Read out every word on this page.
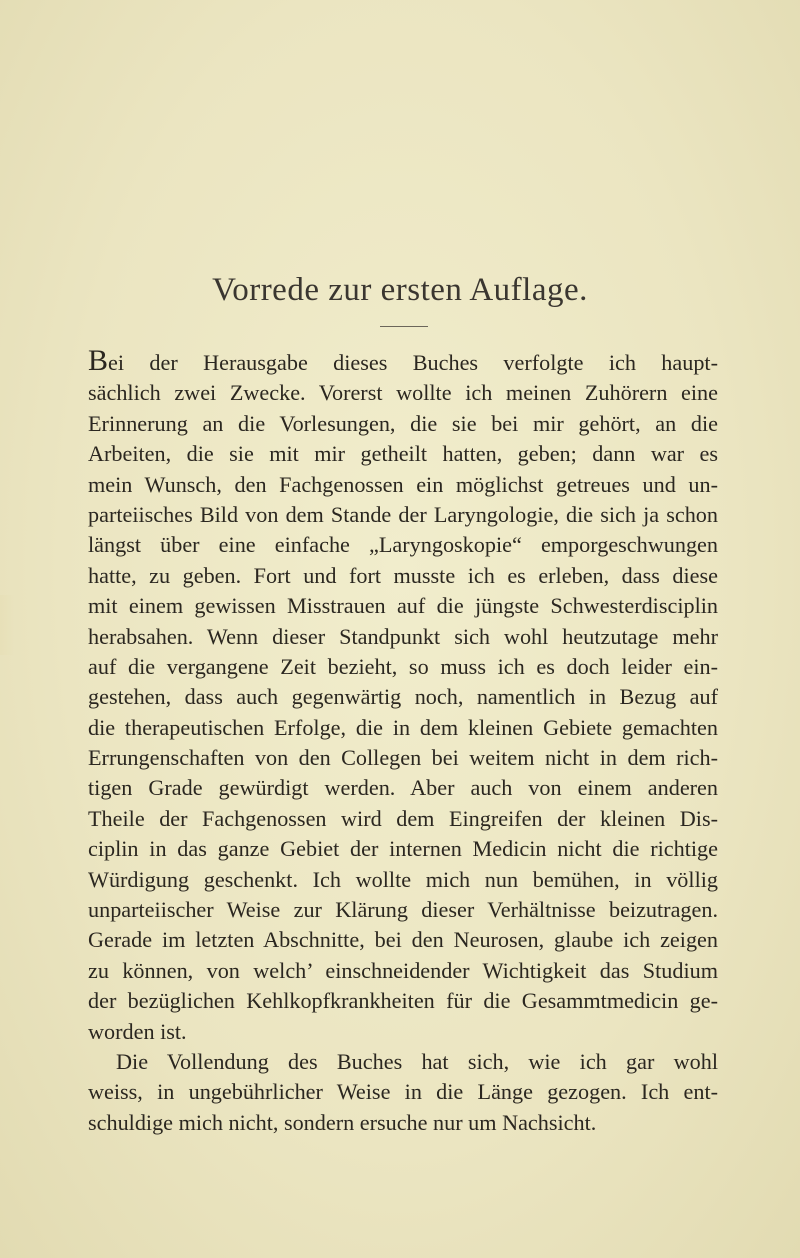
Vorrede zur ersten Auflage.
Bei der Herausgabe dieses Buches verfolgte ich haupt-
sächlich zwei Zwecke. Vorerst wollte ich meinen Zuhörern eine
Erinnerung an die Vorlesungen, die sie bei mir gehört, an die
Arbeiten, die sie mit mir getheilt hatten, geben; dann war es
mein Wunsch, den Fachgenossen ein möglichst getreues und un-
parteiisches Bild von dem Stande der Laryngologie, die sich ja schon
längst über eine einfache „Laryngoskopie“ emporgeschwungen
hatte, zu geben. Fort und fort musste ich es erleben, dass diese
mit einem gewissen Misstrauen auf die jüngste Schwesterdisciplin
herabsahen. Wenn dieser Standpunkt sich wohl heutzutage mehr
auf die vergangene Zeit bezieht, so muss ich es doch leider ein-
gestehen, dass auch gegenwärtig noch, namentlich in Bezug auf
die therapeutischen Erfolge, die in dem kleinen Gebiete gemachten
Errungenschaften von den Collegen bei weitem nicht in dem rich-
tigen Grade gewürdigt werden. Aber auch von einem anderen
Theile der Fachgenossen wird dem Eingreifen der kleinen Dis-
ciplin in das ganze Gebiet der internen Medicin nicht die richtige
Würdigung geschenkt. Ich wollte mich nun bemühen, in völlig
unparteiischer Weise zur Klärung dieser Verhältnisse beizutragen.
Gerade im letzten Abschnitte, bei den Neurosen, glaube ich zeigen
zu können, von welch’ einschneidender Wichtigkeit das Studium
der bezüglichen Kehlkopfkrankheiten für die Gesammtmedicin ge-
worden ist.
Die Vollendung des Buches hat sich, wie ich gar wohl
weiss, in ungebührlicher Weise in die Länge gezogen. Ich ent-
schuldige mich nicht, sondern ersuche nur um Nachsicht.
